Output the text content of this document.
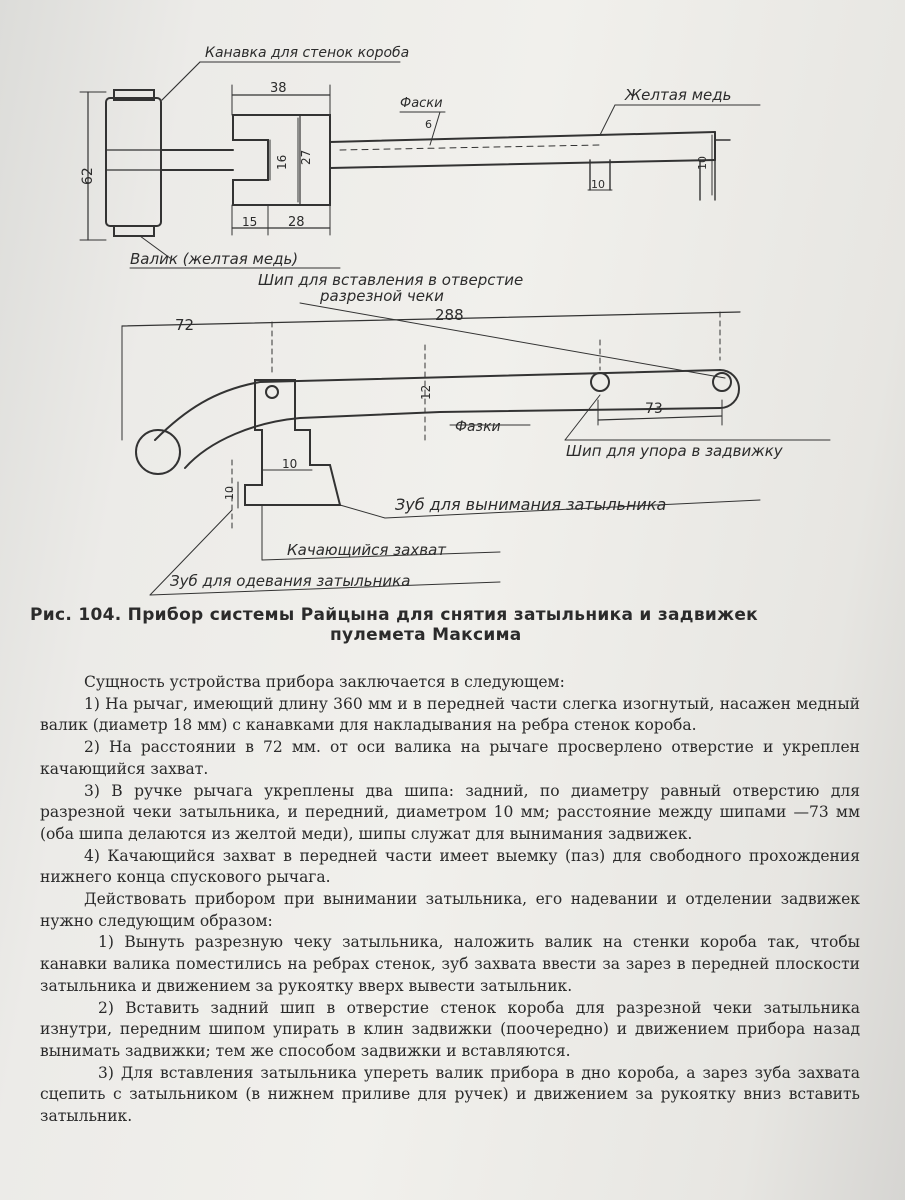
Канавка для стенок короба
Фаски	Желтая медь
Валик (желтая медь)
Шип для вставления в отверстие
разрезной чеки
Фазки
Шип для упора в задвижку
Зуб для вынимания затыльника
Качающийся захват
Зуб для одевания затыльника
38
62
16 27
15 28
6
10
10
72
288
12
73
10
10
Рис. 104. Прибор системы Райцына для снятия затыльника и задвижек
пулемета Максима

Сущность устройства прибора заключается в следующем:

1) На рычаг, имеющий длину 360 мм и в передней части слегка изогнутый, насажен медный валик (диаметр 18 мм) с канавками для накладывания на ребра стенок короба.

2) На расстоянии в 72 мм. от оси валика на рычаге просверлено отверстие и укреплен качающийся захват.

3) В ручке рычага укреплены два шипа: задний, по диаметру равный отверстию для разрезной чеки затыльника, и передний, диаметром 10 мм; расстояние между шипами —73 мм (оба шипа делаются из желтой меди), шипы служат для вынимания задвижек.

4) Качающийся захват в передней части имеет выемку (паз) для свободного прохождения нижнего конца спускового рычага.

Действовать прибором при вынимании затыльника, его надевании и отделении задвижек нужно следующим образом:

1) Вынуть разрезную чеку затыльника, наложить валик на стенки короба так, чтобы канавки валика поместились на ребрах стенок, зуб захвата ввести за зарез в передней плоскости затыльника и движением за рукоятку вверх вывести затыльник.

2) Вставить задний шип в отверстие стенок короба для разрезной чеки затыльника изнутри, передним шипом упирать в клин задвижки (поочередно) и движением прибора назад вынимать задвижки; тем же способом задвижки и вставляются.

3) Для вставления затыльника уперeть валик прибора в дно короба, а зарез зуба захвата сцепить с затыльником (в нижнем приливе для ручек) и движением за рукоятку вниз вставить затыльник.
